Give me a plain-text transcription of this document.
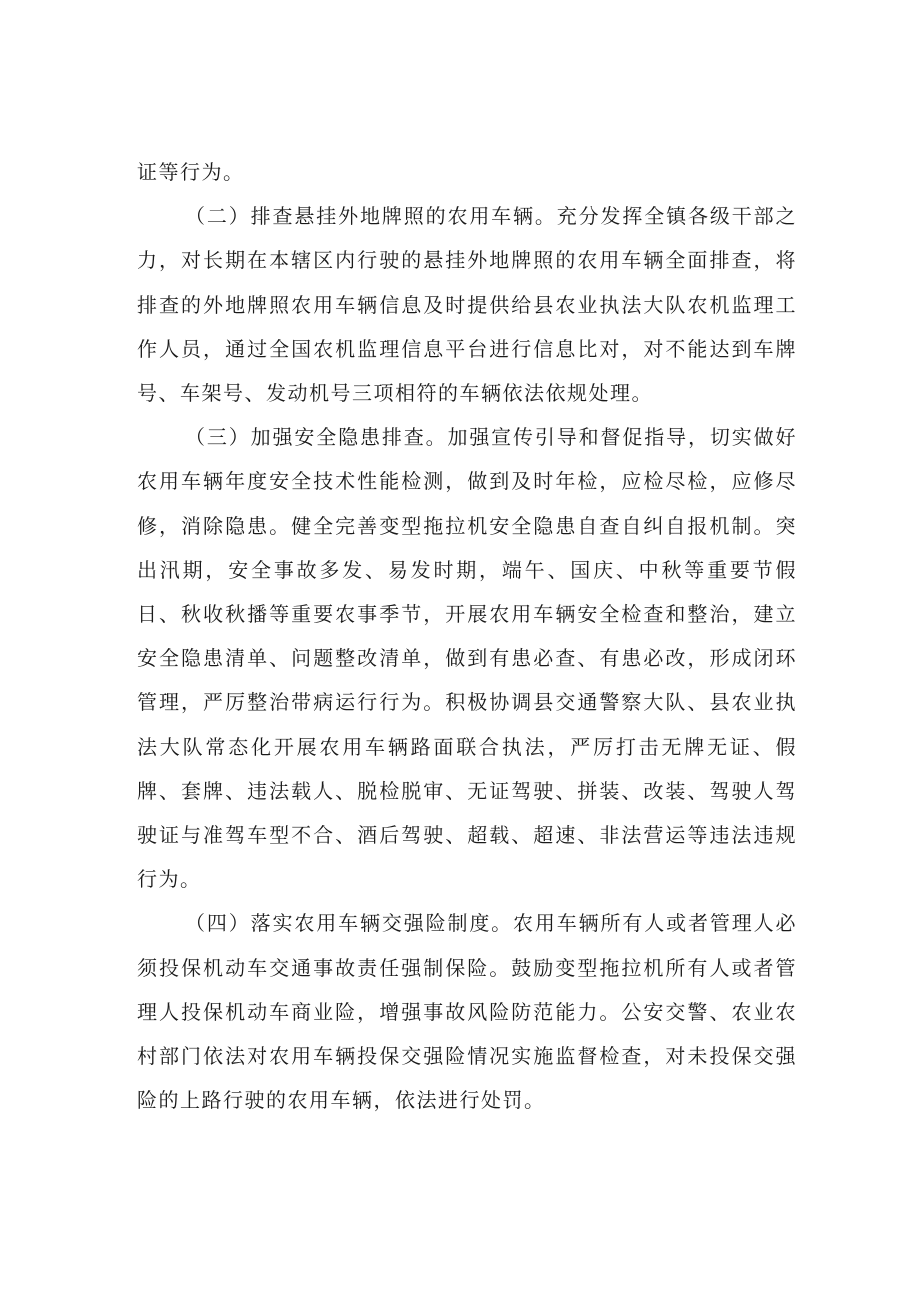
证等行为。

（二）排查悬挂外地牌照的农用车辆。充分发挥全镇各级干部之力，对长期在本辖区内行驶的悬挂外地牌照的农用车辆全面排查，将排查的外地牌照农用车辆信息及时提供给县农业执法大队农机监理工作人员，通过全国农机监理信息平台进行信息比对，对不能达到车牌号、车架号、发动机号三项相符的车辆依法依规处理。

（三）加强安全隐患排查。加强宣传引导和督促指导，切实做好农用车辆年度安全技术性能检测，做到及时年检，应检尽检，应修尽修，消除隐患。健全完善变型拖拉机安全隐患自查自纠自报机制。突出汛期，安全事故多发、易发时期，端午、国庆、中秋等重要节假日、秋收秋播等重要农事季节，开展农用车辆安全检查和整治，建立安全隐患清单、问题整改清单，做到有患必查、有患必改，形成闭环管理，严厉整治带病运行行为。积极协调县交通警察大队、县农业执法大队常态化开展农用车辆路面联合执法，严厉打击无牌无证、假牌、套牌、违法载人、脱检脱审、无证驾驶、拼装、改装、驾驶人驾驶证与准驾车型不合、酒后驾驶、超载、超速、非法营运等违法违规行为。

（四）落实农用车辆交强险制度。农用车辆所有人或者管理人必须投保机动车交通事故责任强制保险。鼓励变型拖拉机所有人或者管理人投保机动车商业险，增强事故风险防范能力。公安交警、农业农村部门依法对农用车辆投保交强险情况实施监督检查，对未投保交强险的上路行驶的农用车辆，依法进行处罚。
